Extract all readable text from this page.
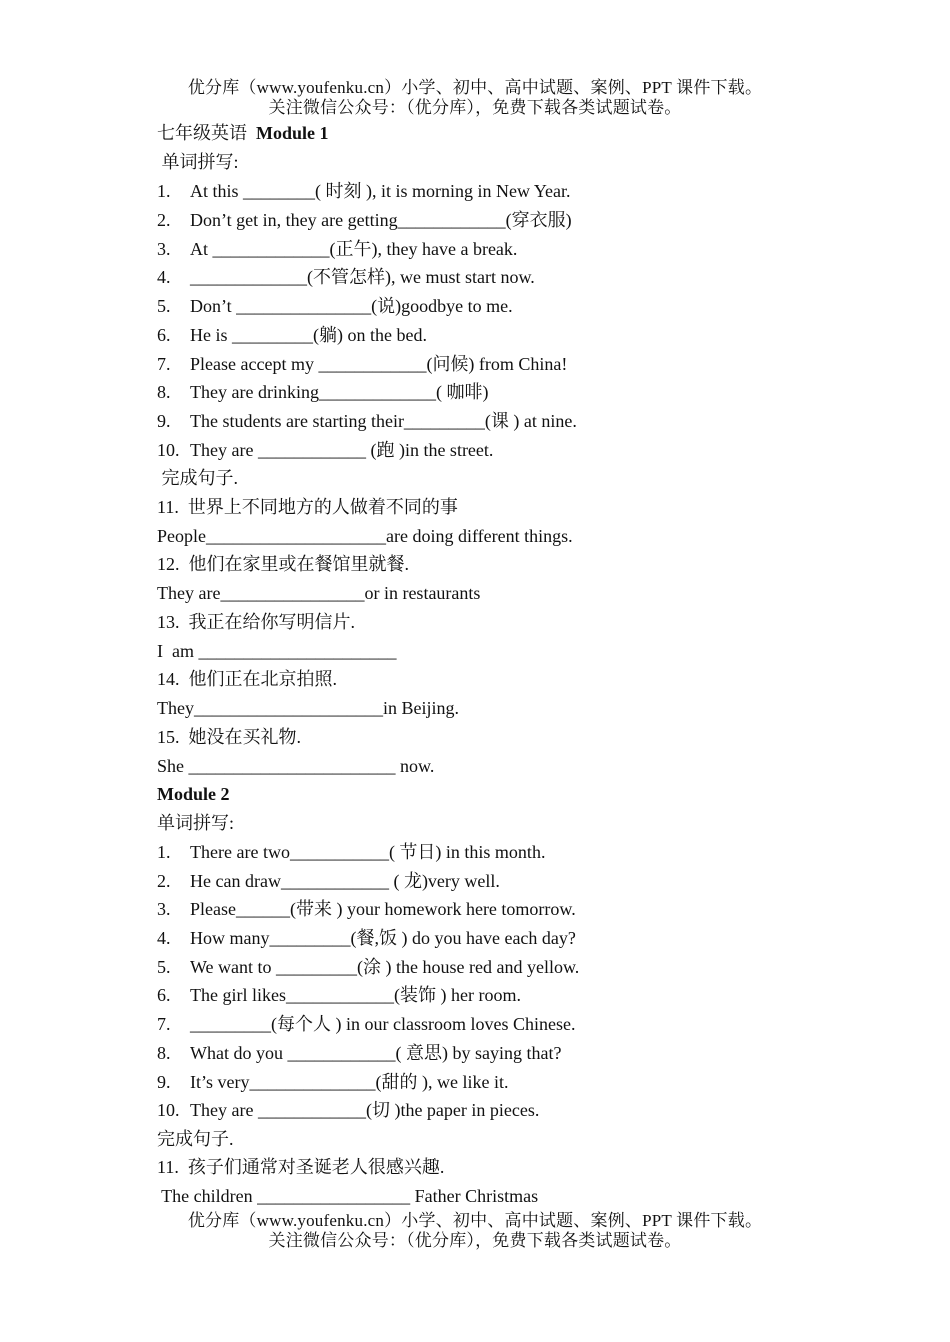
优分库（www.youfenku.cn）小学、初中、高中试题、案例、PPT 课件下载。
关注微信公众号：（优分库），免费下载各类试题试卷。
七年级英语  Module 1
单词拼写:
1. At this ________( 时刻 ), it is morning in New Year.
2. Don’t get in, they are getting____________(穿衣服)
3. At _____________(正午), they have a break.
4. _____________(不管怎样), we must start now.
5. Don’t _______________(说)goodbye to me.
6. He is _________(躺) on the bed.
7. Please accept my ____________(问候) from China!
8. They are drinking_____________( 咖啡)
9. The students are starting their_________(课 ) at nine.
10. They are ____________ (跑 )in the street.
完成句子.
11.  世界上不同地方的人做着不同的事
People____________________are doing different things.
12.  他们在家里或在餐馆里就餐.
They are________________or in restaurants
13.  我正在给你写明信片.
I  am ______________________
14.  他们正在北京拍照.
They_____________________in Beijing.
15.  她没在买礼物.
She _______________________ now.
Module 2
单词拼写:
1. There are two___________( 节日) in this month.
2. He can draw____________ ( 龙)very well.
3. Please______(带来 ) your homework here tomorrow.
4. How many_________(餐,饭 ) do you have each day?
5. We want to _________(涂 ) the house red and yellow.
6. The girl likes____________(装饰 ) her room.
7. _________(每个人 ) in our classroom loves Chinese.
8. What do you ____________( 意思) by saying that?
9. It’s very______________(甜的 ), we like it.
10. They are ____________(切 )the paper in pieces.
完成句子.
11.  孩子们通常对圣诞老人很感兴趣.
The children _________________ Father Christmas
优分库（www.youfenku.cn）小学、初中、高中试题、案例、PPT 课件下载。
关注微信公众号：（优分库），免费下载各类试题试卷。
